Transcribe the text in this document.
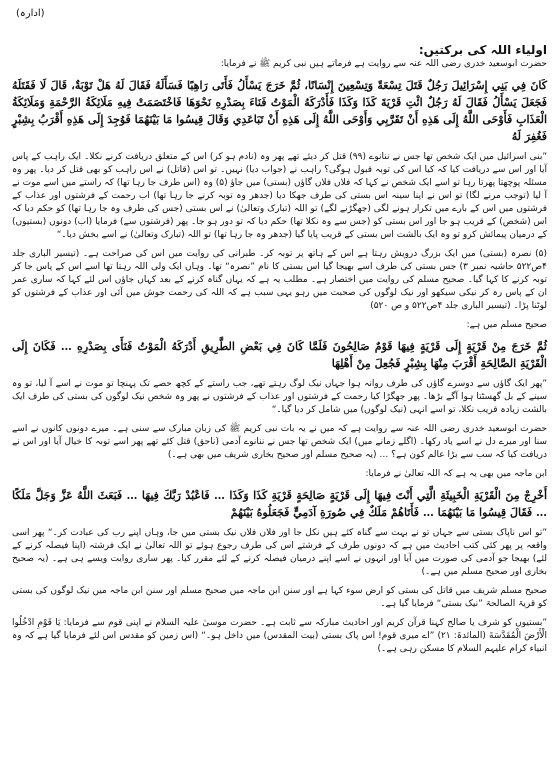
(ادارہ)
اولیاء اللہ کی برکتیں:

حضرت ابوسعید خدری رضی اللہ عنہ سے روایت ہے فرماتے ہیں نبی کریم ﷺ نے فرمایا:

كَانَ فِي بَنِي إِسْرَائِيلَ رَجُلٌ قَتَلَ تِسْعَةً وَتِسْعِينَ إِنْسَانًا، ثُمَّ خَرَجَ يَسْأَلُ فَأَتَى رَاهِبًا فَسَأَلَهُ فَقَالَ لَهُ هَلْ تَوْبَةٌ، قَالَ لَا فَقَتَلَهُ فَجَعَلَ يَسْأَلُ فَقَالَ لَهُ رَجُلٌ ائْتِ قَرْيَةَ كَذَا وَكَذَا فَأَدْرَكَهُ الْمَوْتُ فَنَاءَ بِصَدْرِهِ نَحْوَهَا فَاخْتَصَمَتْ فِيهِ مَلَائِكَةُ الرَّحْمَةِ وَمَلَائِكَةُ الْعَذَابِ فَأَوْحَى اللَّهُ إِلَى هَذِهِ أَنْ تَقَرَّبِي وَأَوْحَى اللَّهُ إِلَى هَذِهِ أَنْ تَبَاعَدِي وَقَالَ قِيسُوا مَا بَيْنَهُمَا فَوُجِدَ إِلَى هَذِهِ أَقْرَبُ بِشِبْرٍ فَغُفِرَ لَهُ

”بنی اسرائیل میں ایک شخص تھا جس نے ننانوے (۹۹) قتل کر دیئے تھے پھر وہ (نادم ہو کر) اس کے متعلق دریافت کرنے نکلا۔ ایک راہب کے پاس آیا اور اس سے دریافت کیا کہ کیا اس کی توبہ قبول ہوگی؟ راہب نے (جواب دیا) نہیں۔ تو اس (قاتل) نے اس راہب کو بھی قتل کر دیا۔ پھر وہ مسئلہ پوچھتا پھرتا رہا تو اسے ایک شخص نے کہا کہ فلاں فلاں گاؤں (بستی) میں جاؤ (۵) وہ (اس طرف جا رہا تھا) کہ راستے میں اسے موت نے آ لیا (توجب مرنے لگا) تو اس نے اپنا سینہ اس بستی کی طرف جھکا دیا (جدھر وہ توبہ کرنے جا رہا تھا) اب رحمت کے فرشتوں اور عذاب کے فرشتوں میں اس کے بارے میں تکرار ہونے لگی (جھگڑنے لگے) تو اللہ (تبارک وتعالیٰ) نے اس بستی (جس کی طرف وہ جا رہا تھا) کو حکم دیا کہ اس (شخص) کے قریب ہو جا اور اس بستی کو (جس سے وہ نکلا تھا) حکم دیا کہ تو دور ہو جا۔ پھر (فرشتوں سے) فرمایا (اب) دونوں (بستیوں) کے درمیان پیمائش کرو تو وہ ایک بالشت اس بستی کے قریب پایا گیا (جدھر وہ جا رہا تھا) تو اللہ (تبارک وتعالیٰ) نے اسے بخش دیا۔“

(۵) نصرہ (بستی) میں ایک بزرگ درویش رہتا ہے اس کے ہاتھ پر توبہ کر۔ طبرانی کی روایت میں اس کی صراحت ہے۔ (تیسیر الباری جلد ۴ص۵۲۲ حاشیہ نمبر ۳) جس بستی کی طرف اسے بھیجا گیا اس بستی کا نام ”نصرہ“ تھا۔ وہاں ایک ولی اللہ رہتا تھا اسے اس کے پاس جا کر توبہ کرنے کا کہا گیا۔ صحیح مسلم کی روایت میں اختصار ہے۔ مطلب یہ ہے کہ یہاں گناہ کرنے کے بعد کہاں جاؤں اس لئے کہا کہ ساری عمر ان کے پاس رہ کر نیکی سیکھو اور نیک لوگوں کی صحبت میں رہو یہی سبب ہے کہ اللہ کی رحمت جوش میں آئی اور عذاب کے فرشتوں کو لوٹنا پڑا۔ (تیسیر الباری جلد ۴ص۵۲۲ و ص ۵۲۰)

صحیح مسلم میں ہے:

ثُمَّ خَرَجَ مِنْ قَرْيَةٍ إِلَى قَرْيَةٍ فِيهَا قَوْمٌ صَالِحُونَ فَلَمَّا كَانَ فِي بَعْضِ الطَّرِيقِ أَدْرَكَهُ الْمَوْتُ فَنَأَى بِصَدْرِهِ … فَكَانَ إِلَى الْقَرْيَةِ الصَّالِحَةِ أَقْرَبَ مِنْهَا بِشِبْرٍ فَجُعِلَ مِنْ أَهْلِهَا

”پھر ایک گاؤں سے دوسرے گاؤں کی طرف روانہ ہوا جہاں نیک لوگ رہتے تھے، جب راستے کے کچھ حصے تک پہنچا تو موت نے اسے آ لیا، تو وہ سینے کے بل گھسٹتا ہوا آگے بڑھا۔ پھر جھگڑا کیا رحمت کے فرشتوں اور عذاب کے فرشتوں نے پھر وہ شخص نیک لوگوں کی بستی کی طرف ایک بالشت زیادہ قریب نکلا، تو اسے انہی (نیک لوگوں) میں شامل کر دیا گیا۔“

حضرت ابوسعید خدری رضی اللہ عنہ سے روایت ہے کہ میں نے یہ بات نبی کریم ﷺ کی زبان مبارک سے سنی ہے۔ میرے دونوں کانوں نے اسے سنا اور میرے دل نے اسے یاد رکھا۔ (اگلے زمانے میں) ایک شخص تھا جس نے ننانوے آدمی (ناحق) قتل کئے تھے پھر اسے توبہ کا خیال آیا اور اس نے دریافت کیا کہ سب سے بڑا عالم کون ہے؟ … (یہ صحیح مسلم اور صحیح بخاری شریف میں بھی ہے۔)

ابن ماجہ میں بھی یہ ہے کہ اللہ تعالیٰ نے فرمایا:

أَخْرِجْ مِنَ الْقَرْيَةِ الْخَبِيثَةِ الَّتِي أَنْتَ فِيهَا إِلَى قَرْيَةٍ صَالِحَةٍ قَرْيَةِ كَذَا وَكَذَا … فَاعْبُدْ رَبَّكَ فِيهَا … فَبَعَثَ اللَّهُ عَزَّ وَجَلَّ مَلَكًا … فَقَالَ قِيسُوا مَا بَيْنَهُمَا … فَأَتَاهُمْ مَلَكٌ فِي صُورَةِ آدَمِيٍّ فَجَعَلُوهُ بَيْنَهُمْ

”تو اس ناپاک بستی سے جہاں تو نے بہت سے گناہ کئے ہیں نکل جا اور فلاں فلاں نیک بستی میں جا، وہاں اپنے رب کی عبادت کر۔“ پھر اسی واقعہ پر پھر کئی کتب احادیث میں ہے کہ دونوں طرف کے فرشتے اس کی طرف رجوع ہوئے تو اللہ تعالیٰ نے ایک فرشتہ (اپنا فیصلہ کرنے کے لئے) بھیجا جو آدمی کی صورت میں آیا اور انہوں نے اسے اپنے درمیان فیصلہ کرنے کے لئے مقرر کیا۔ پھر ساری روایت ویسے ہی ہے۔ (یہ صحیح بخاری اور صحیح مسلم میں ہے۔)

صحیح مسلم شریف میں قاتل کی بستی کو ارض سوء کہا ہے اور سنن ابن ماجہ میں صحیح مسلم اور سنن ابن ماجہ میں نیک لوگوں کی بستی کو قریۃ الصالحۃ ”نیک بستی“ فرمایا گیا ہے۔

”بستیوں کو شرف یا صالح کہنا قرآن کریم اور احادیث مبارکہ سے ثابت ہے۔ حضرت موسیٰ علیہ السلام نے اپنی قوم سے فرمایا: يَا قَوْمِ ادْخُلُوا الْأَرْضَ الْمُقَدَّسَةَ (المائدۃ: ۲۱) ”اے میری قوم! اس پاک بستی (بیت المقدس) میں داخل ہو۔“ (اس زمین کو مقدس اس لئے فرمایا گیا ہے کہ وہ انبیاء کرام علیہم السلام کا مسکن رہی ہے۔)
